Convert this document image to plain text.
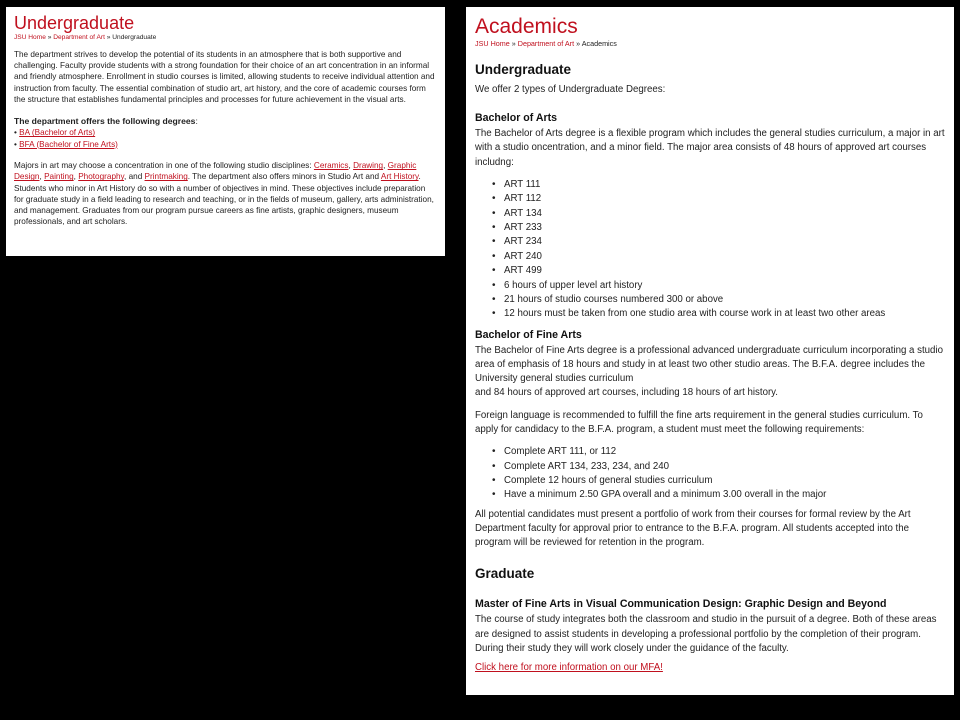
Undergraduate
JSU Home » Department of Art » Undergraduate

The department strives to develop the potential of its students in an atmosphere that is both supportive and challenging. Faculty provide students with a strong foundation for their choice of an art concentration in an informal and friendly atmosphere. Enrollment in studio courses is limited, allowing students to receive individual attention and instruction from faculty. The essential combination of studio art, art history, and the core of academic courses form the structure that establishes fundamental principles and processes for future achievement in the visual arts.

The department offers the following degrees:

• BA (Bachelor of Arts)
• BFA (Bachelor of Fine Arts)

Majors in art may choose a concentration in one of the following studio disciplines: Ceramics, Drawing, Graphic Design, Painting, Photography, and Printmaking. The department also offers minors in Studio Art and Art History. Students who minor in Art History do so with a number of objectives in mind. These objectives include preparation for graduate study in a field leading to research and teaching, or in the fields of museum, gallery, arts administration, and management. Graduates from our program pursue careers as fine artists, graphic designers, museum professionals, and art scholars.

Academics
JSU Home » Department of Art » Academics
Undergraduate

We offer 2 types of Undergraduate Degrees:

Bachelor of Arts

The Bachelor of Arts degree is a flexible program which includes the general studies curriculum, a major in art with a studio oncentration, and a minor field. The major area consists of 48 hours of approved art courses includng:

• ART 111
• ART 112
• ART 134
• ART 233
• ART 234
• ART 240
• ART 499
• 6 hours of upper level art history
• 21 hours of studio courses numbered 300 or above
• 12 hours must be taken from one studio area with course work in at least two other areas
Bachelor of Fine Arts

The Bachelor of Fine Arts degree is a professional advanced undergraduate curriculum incorporating a studio area of emphasis of 18 hours and study in at least two other studio areas. The B.F.A. degree includes the University general studies curriculum
and 84 hours of approved art courses, including 18 hours of art history.

Foreign language is recommended to fulfill the fine arts requirement in the general studies curriculum. To apply for candidacy to the B.F.A. program, a student must meet the following requirements:

• Complete ART 111, or 112
• Complete ART 134, 233, 234, and 240
• Complete 12 hours of general studies curriculum
• Have a minimum 2.50 GPA overall and a minimum 3.00 overall in the major

All potential candidates must present a portfolio of work from their courses for formal review by the Art Department faculty for approval prior to entrance to the B.F.A. program. All students accepted into the program will be reviewed for retention in the program.

Graduate
Master of Fine Arts in Visual Communication Design: Graphic Design and Beyond

The course of study integrates both the classroom and studio in the pursuit of a degree. Both of these areas are designed to assist students in developing a professional portfolio by the completion of their program. During their study they will work closely under the guidance of the faculty.

Click here for more information on our MFA!
